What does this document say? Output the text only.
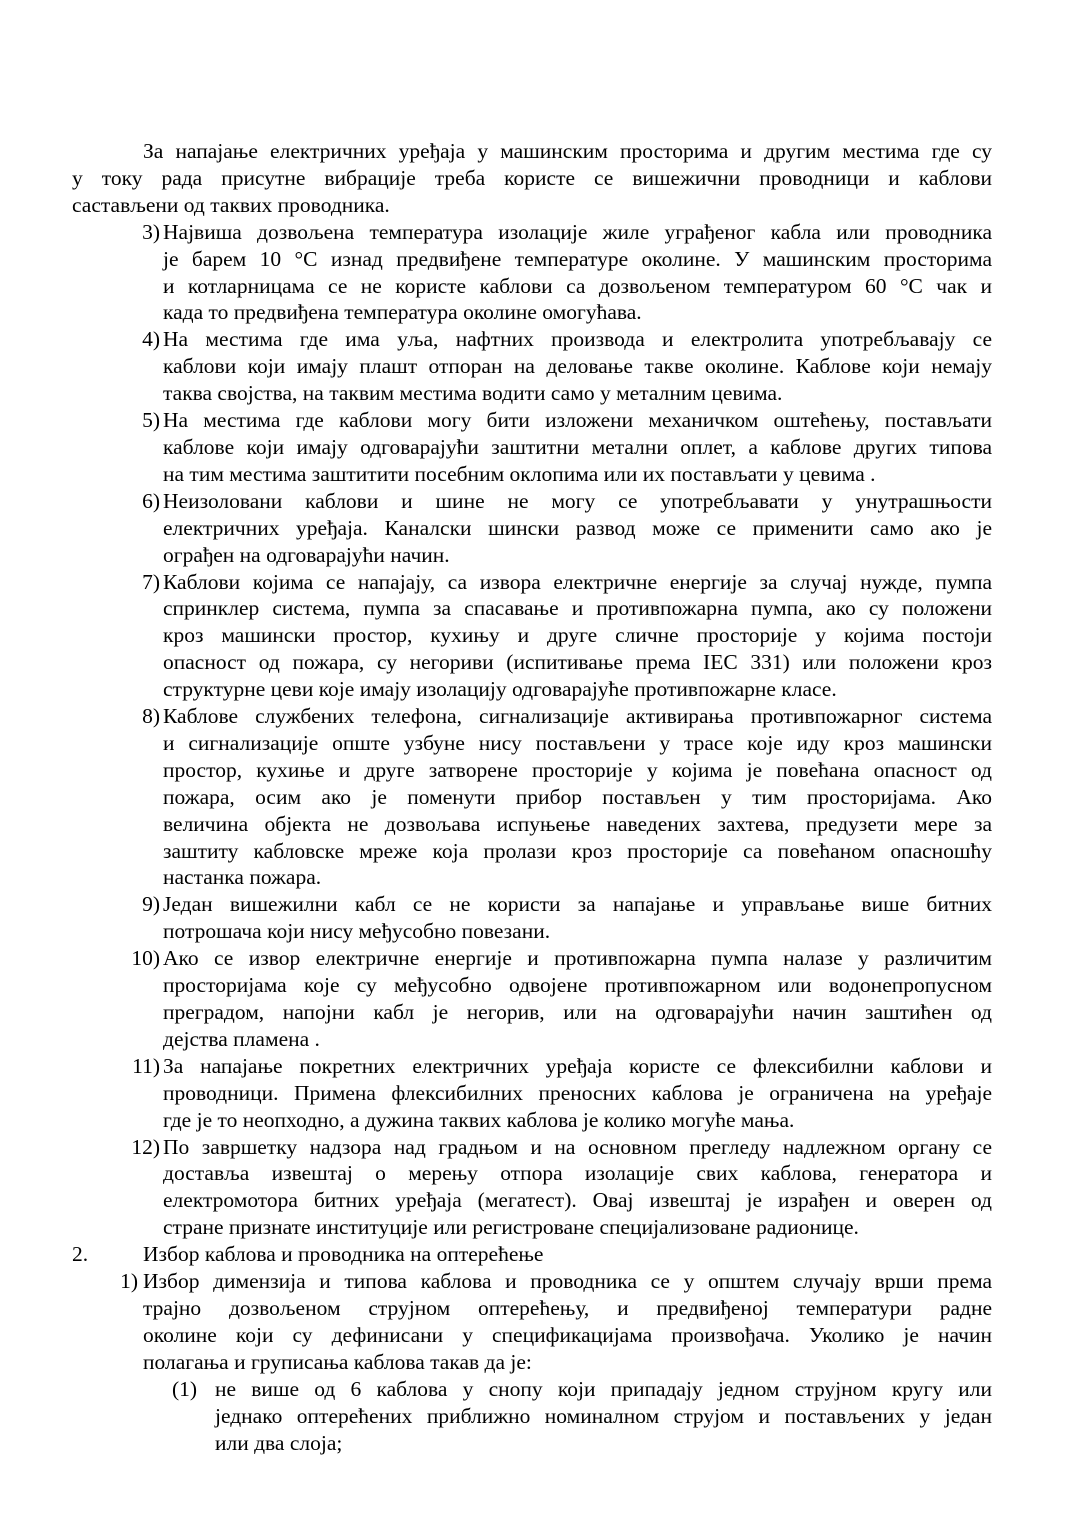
За напајање електричних уређаја у машинским просторима и другим местима где су
у току рада присутне вибрације треба користе се вишежични проводници и каблови
састављени од таквих проводника.
3) Највиша дозвољена температура изолације жиле уграђеног кабла или проводника
је барем 10 °C изнад предвиђене температуре околине. У машинским просторима
и котларницама се не користе каблови са дозвољеном температуром 60 °C чак и
када то предвиђена температура околине омогућава.
4) На местима где има уља, нафтних производа и електролита употребљавају се
каблови који имају плашт отпоран на деловање такве околине. Каблове који немају
таква својства, на таквим местима водити само у металним цевима.
5) На местима где каблови могу бити изложени механичком оштећењу, постављати
каблове који имају одговарајући заштитни метални оплет, а каблове других типова
на тим местима заштитити посебним оклопима или их постављати у цевима .
6) Неизоловани каблови и шине не могу се употребљавати у унутрашњости
електричних уређаја. Каналски шински развод може се применити само ако је
ограђен на одговарајући начин.
7) Каблови којима се напајају, са извора електричне енергије за случај нужде, пумпа
спринклер система, пумпа за спасавање и противпожарна пумпа, ако су положени
кроз машински простор, кухињу и друге сличне просторије у којима постоји
опасност од пожара, су негориви (испитивање према IEC 331) или положени кроз
структурне цеви које имају изолацију одговарајуће противпожарне класе.
8) Каблове службених телефона, сигнализације активирања противпожарног система
и сигнализације опште узбуне нису постављени у трасе које иду кроз машински
простор, кухиње и друге затворене просторије у којима је повећана опасност од
пожара, осим ако је поменути прибор постављен у тим просторијама. Ако
величина објекта не дозвољава испуњење наведених захтева, предузети мере за
заштиту кабловске мреже која пролази кроз просторије са повећаном опасношћу
настанка пожара.
9) Један вишежилни кабл се не користи за напајање и управљање више битних
потрошача који нису међусобно повезани.
10) Ако се извор електричне енергије и противпожарна пумпа налазе у различитим
просторијама које су међусобно одвојене противпожарном или водонепропусном
преградом, напојни кабл је негорив, или на одговарајући начин заштићен од
дејства пламена .
11) За напајање покретних електричних уређаја користе се флексибилни каблови и
проводници. Примена флексибилних преносних каблова је ограничена на уређаје
где је то неопходно, а дужина таквих каблова је колико могуће мања.
12) По завршетку надзора над градњом и на основном прегледу надлежном органу се
доставља извештај о мерењу отпора изолације свих каблова, генератора и
електромотора битних уређаја (мегатест). Овај извештај је израђен и оверен од
стране признате институције или регистроване специјализоване радионице.
2.	Избор каблова и проводника на оптерећење
1) Избор димензија и типова каблова и проводника се у општем случају врши према
трајно дозвољеном струјном оптерећењу, и предвиђеној температури радне
околине који су дефинисани у спецификацијама произвођача. Уколико је начин
полагања и груписања каблова такав да је:
(1) не више од 6 каблова у снопу који припадају једном струјном кругу или
једнако оптерећених приближно номиналном струјом и постављених у један
или два слоја;
